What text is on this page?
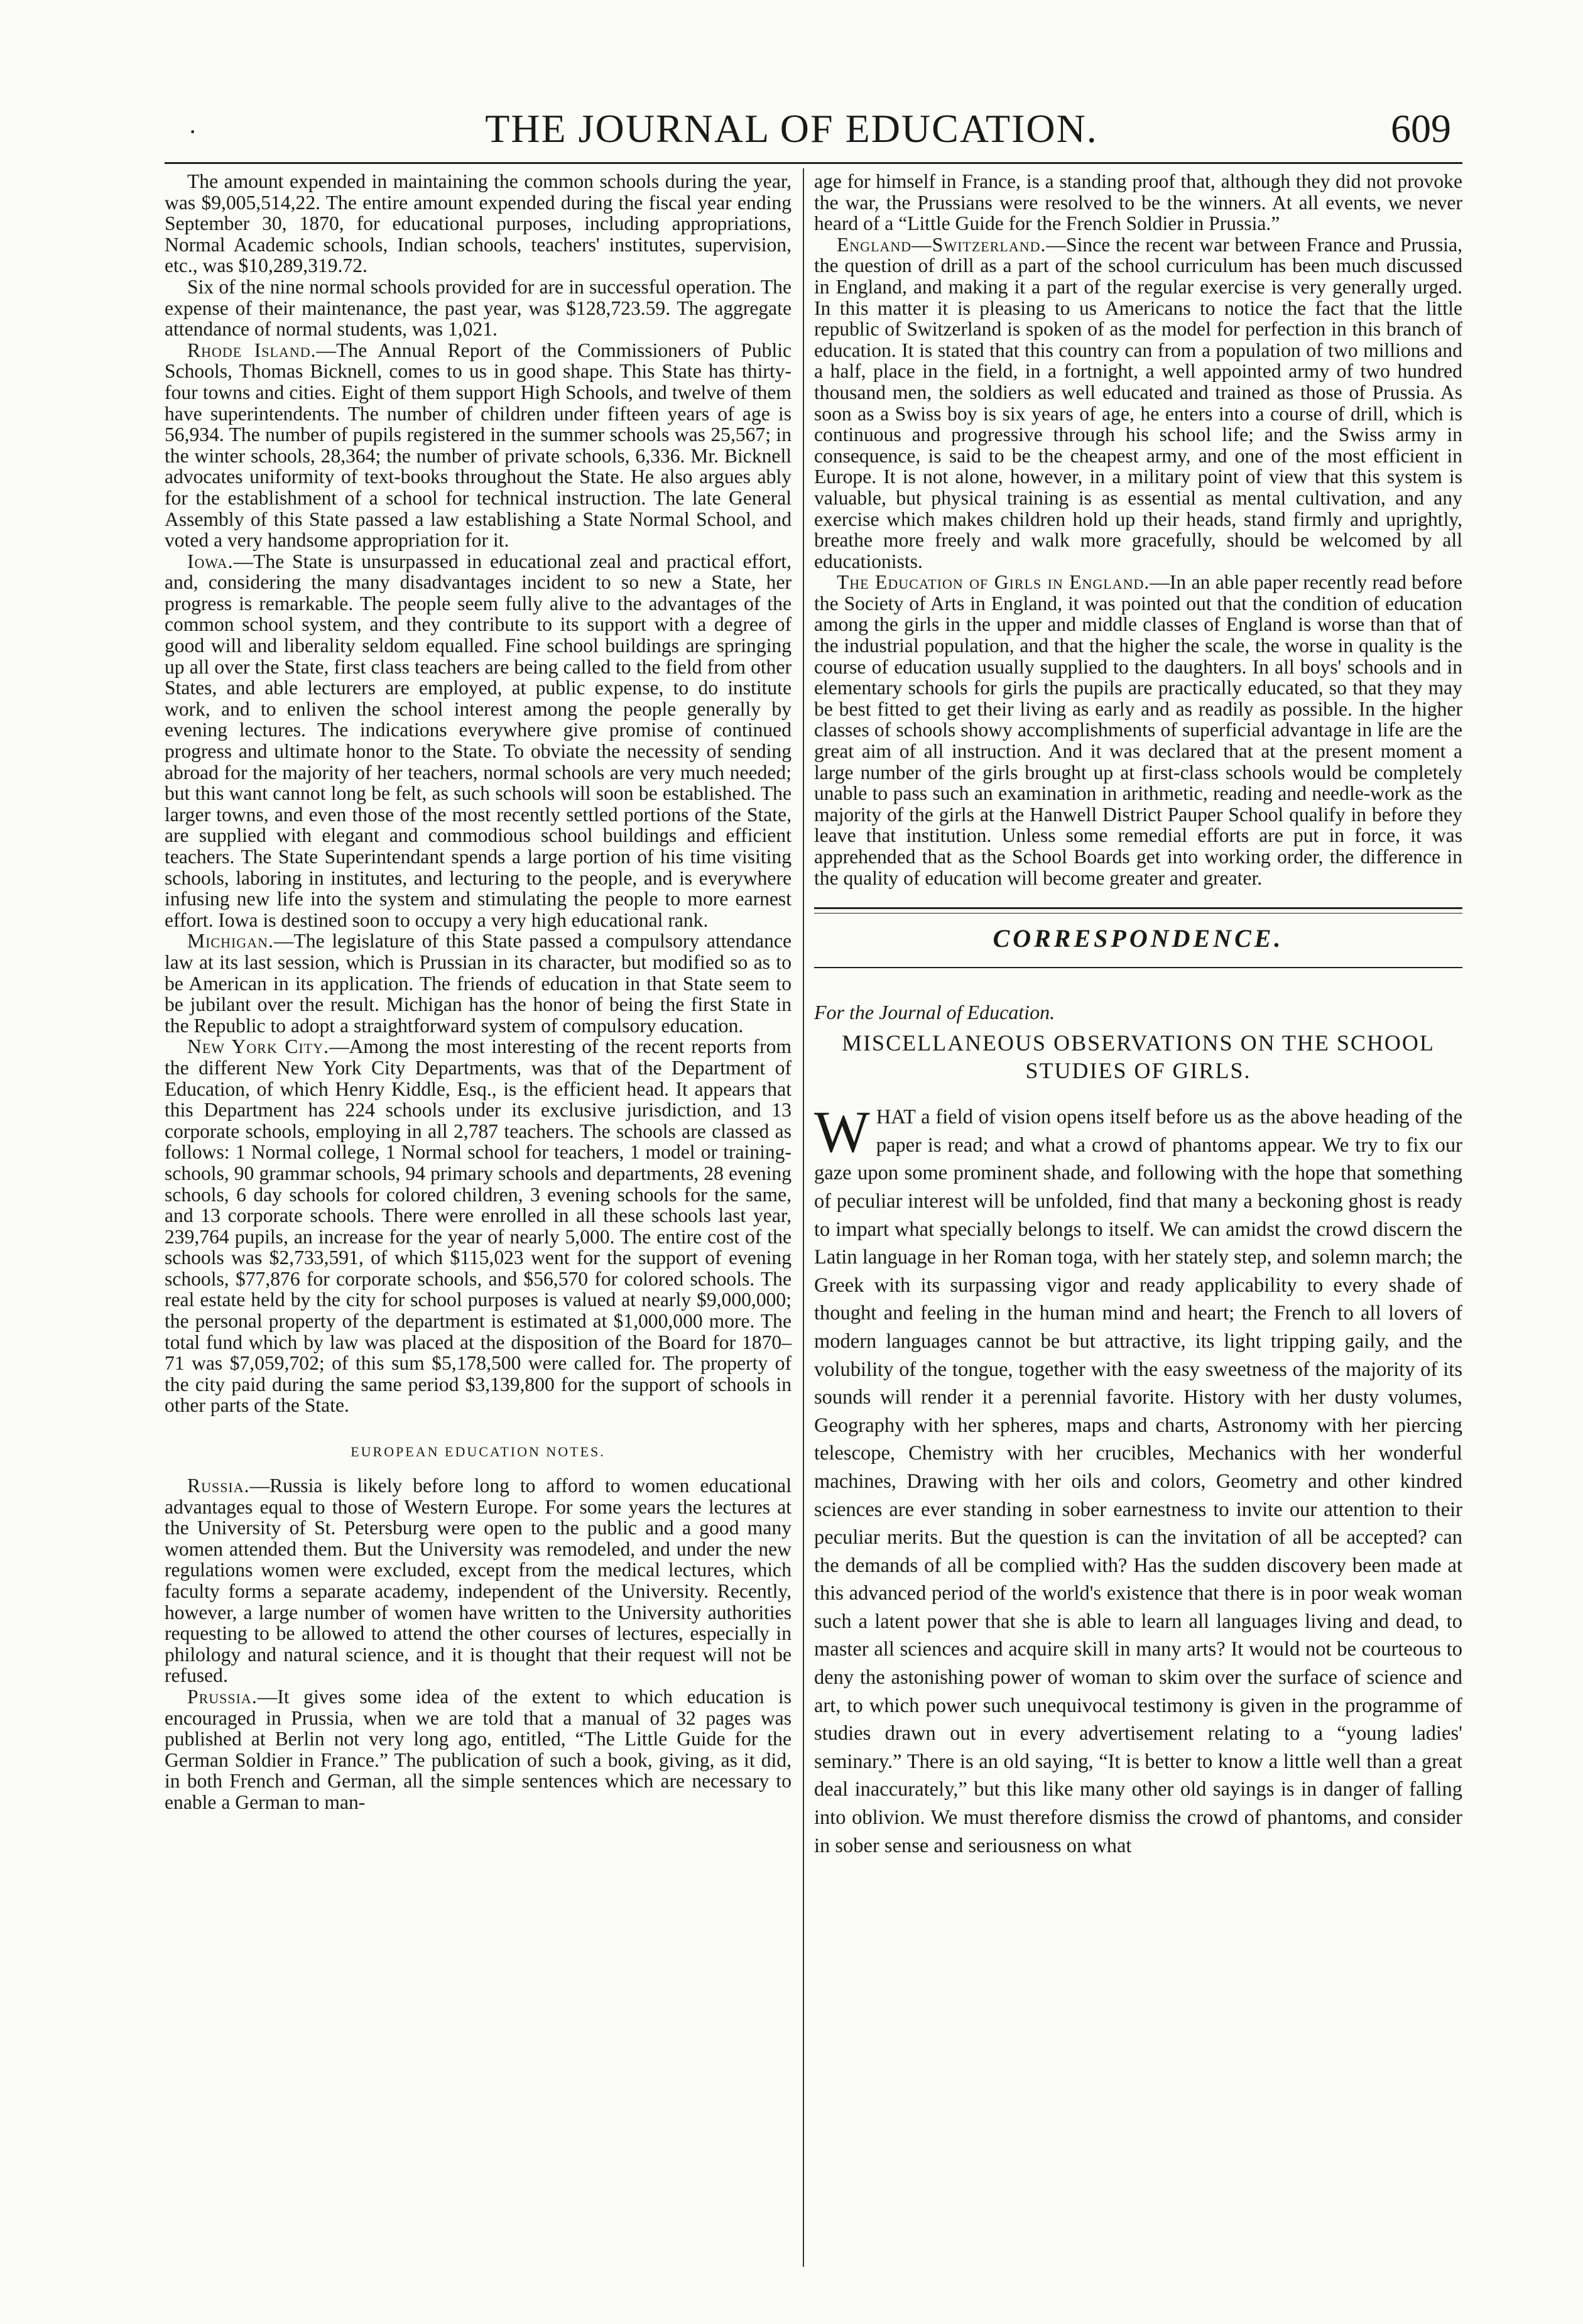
·	THE JOURNAL OF EDUCATION.	609

The amount expended in maintaining the common schools during the year, was $9,005,514,22. The entire amount expended during the fiscal year ending September 30, 1870, for educational purposes, including appropriations, Normal Academic schools, Indian schools, teachers' institutes, supervision, etc., was $10,289,319.72.

Six of the nine normal schools provided for are in successful operation. The expense of their maintenance, the past year, was $128,723.59. The aggregate attendance of normal students, was 1,021.

Rhode Island.—The Annual Report of the Commissioners of Public Schools, Thomas Bicknell, comes to us in good shape. This State has thirty-four towns and cities. Eight of them support High Schools, and twelve of them have superintendents. The number of children under fifteen years of age is 56,934. The number of pupils registered in the summer schools was 25,567; in the winter schools, 28,364; the number of private schools, 6,336. Mr. Bicknell advocates uniformity of text-books throughout the State. He also argues ably for the establishment of a school for technical instruction. The late General Assembly of this State passed a law establishing a State Normal School, and voted a very handsome appropriation for it.

Iowa.—The State is unsurpassed in educational zeal and practical effort, and, considering the many disadvantages incident to so new a State, her progress is remarkable. The people seem fully alive to the advantages of the common school system, and they contribute to its support with a degree of good will and liberality seldom equalled. Fine school buildings are springing up all over the State, first class teachers are being called to the field from other States, and able lecturers are employed, at public expense, to do institute work, and to enliven the school interest among the people generally by evening lectures. The indications everywhere give promise of continued progress and ultimate honor to the State. To obviate the necessity of sending abroad for the majority of her teachers, normal schools are very much needed; but this want cannot long be felt, as such schools will soon be established. The larger towns, and even those of the most recently settled portions of the State, are supplied with elegant and commodious school buildings and efficient teachers. The State Superintendant spends a large portion of his time visiting schools, laboring in institutes, and lecturing to the people, and is everywhere infusing new life into the system and stimulating the people to more earnest effort. Iowa is destined soon to occupy a very high educational rank.

Michigan.—The legislature of this State passed a compulsory attendance law at its last session, which is Prussian in its character, but modified so as to be American in its application. The friends of education in that State seem to be jubilant over the result. Michigan has the honor of being the first State in the Republic to adopt a straightforward system of compulsory education.

New York City.—Among the most interesting of the recent reports from the different New York City Departments, was that of the Department of Education, of which Henry Kiddle, Esq., is the efficient head. It appears that this Department has 224 schools under its exclusive jurisdiction, and 13 corporate schools, employing in all 2,787 teachers. The schools are classed as follows: 1 Normal college, 1 Normal school for teachers, 1 model or training-schools, 90 grammar schools, 94 primary schools and departments, 28 evening schools, 6 day schools for colored children, 3 evening schools for the same, and 13 corporate schools. There were enrolled in all these schools last year, 239,764 pupils, an increase for the year of nearly 5,000. The entire cost of the schools was $2,733,591, of which $115,023 went for the support of evening schools, $77,876 for corporate schools, and $56,570 for colored schools. The real estate held by the city for school purposes is valued at nearly $9,000,000; the personal property of the department is estimated at $1,000,000 more. The total fund which by law was placed at the disposition of the Board for 1870–71 was $7,059,702; of this sum $5,178,500 were called for. The property of the city paid during the same period $3,139,800 for the support of schools in other parts of the State.

EUROPEAN EDUCATION NOTES.

Russia.—Russia is likely before long to afford to women educational advantages equal to those of Western Europe. For some years the lectures at the University of St. Petersburg were open to the public and a good many women attended them. But the University was remodeled, and under the new regulations women were excluded, except from the medical lectures, which faculty forms a separate academy, independent of the University. Recently, however, a large number of women have written to the University authorities requesting to be allowed to attend the other courses of lectures, especially in philology and natural science, and it is thought that their request will not be refused.

Prussia.—It gives some idea of the extent to which education is encouraged in Prussia, when we are told that a manual of 32 pages was published at Berlin not very long ago, entitled, “The Little Guide for the German Soldier in France.” The publication of such a book, giving, as it did, in both French and German, all the simple sentences which are necessary to enable a German to man-

age for himself in France, is a standing proof that, although they did not provoke the war, the Prussians were resolved to be the winners. At all events, we never heard of a “Little Guide for the French Soldier in Prussia.”

England—Switzerland.—Since the recent war between France and Prussia, the question of drill as a part of the school curriculum has been much discussed in England, and making it a part of the regular exercise is very generally urged. In this matter it is pleasing to us Americans to notice the fact that the little republic of Switzerland is spoken of as the model for perfection in this branch of education. It is stated that this country can from a population of two millions and a half, place in the field, in a fortnight, a well appointed army of two hundred thousand men, the soldiers as well educated and trained as those of Prussia. As soon as a Swiss boy is six years of age, he enters into a course of drill, which is continuous and progressive through his school life; and the Swiss army in consequence, is said to be the cheapest army, and one of the most efficient in Europe. It is not alone, however, in a military point of view that this system is valuable, but physical training is as essential as mental cultivation, and any exercise which makes children hold up their heads, stand firmly and uprightly, breathe more freely and walk more gracefully, should be welcomed by all educationists.

The Education of Girls in England.—In an able paper recently read before the Society of Arts in England, it was pointed out that the condition of education among the girls in the upper and middle classes of England is worse than that of the industrial population, and that the higher the scale, the worse in quality is the course of education usually supplied to the daughters. In all boys' schools and in elementary schools for girls the pupils are practically educated, so that they may be best fitted to get their living as early and as readily as possible. In the higher classes of schools showy accomplishments of superficial advantage in life are the great aim of all instruction. And it was declared that at the present moment a large number of the girls brought up at first-class schools would be completely unable to pass such an examination in arithmetic, reading and needle-work as the majority of the girls at the Hanwell District Pauper School qualify in before they leave that institution. Unless some remedial efforts are put in force, it was apprehended that as the School Boards get into working order, the difference in the quality of education will become greater and greater.

CORRESPONDENCE.
For the Journal of Education.
MISCELLANEOUS OBSERVATIONS ON THE SCHOOL STUDIES OF GIRLS.

WHAT a field of vision opens itself before us as the above heading of the paper is read; and what a crowd of phantoms appear. We try to fix our gaze upon some prominent shade, and following with the hope that something of peculiar interest will be unfolded, find that many a beckoning ghost is ready to impart what specially belongs to itself. We can amidst the crowd discern the Latin language in her Roman toga, with her stately step, and solemn march; the Greek with its surpassing vigor and ready applicability to every shade of thought and feeling in the human mind and heart; the French to all lovers of modern languages cannot be but attractive, its light tripping gaily, and the volubility of the tongue, together with the easy sweetness of the majority of its sounds will render it a perennial favorite. History with her dusty volumes, Geography with her spheres, maps and charts, Astronomy with her piercing telescope, Chemistry with her crucibles, Mechanics with her wonderful machines, Drawing with her oils and colors, Geometry and other kindred sciences are ever standing in sober earnestness to invite our attention to their peculiar merits. But the question is can the invitation of all be accepted? can the demands of all be complied with? Has the sudden discovery been made at this advanced period of the world's existence that there is in poor weak woman such a latent power that she is able to learn all languages living and dead, to master all sciences and acquire skill in many arts? It would not be courteous to deny the astonishing power of woman to skim over the surface of science and art, to which power such unequivocal testimony is given in the programme of studies drawn out in every advertisement relating to a “young ladies' seminary.” There is an old saying, “It is better to know a little well than a great deal inaccurately,” but this like many other old sayings is in danger of falling into oblivion. We must therefore dismiss the crowd of phantoms, and consider in sober sense and seriousness on what
